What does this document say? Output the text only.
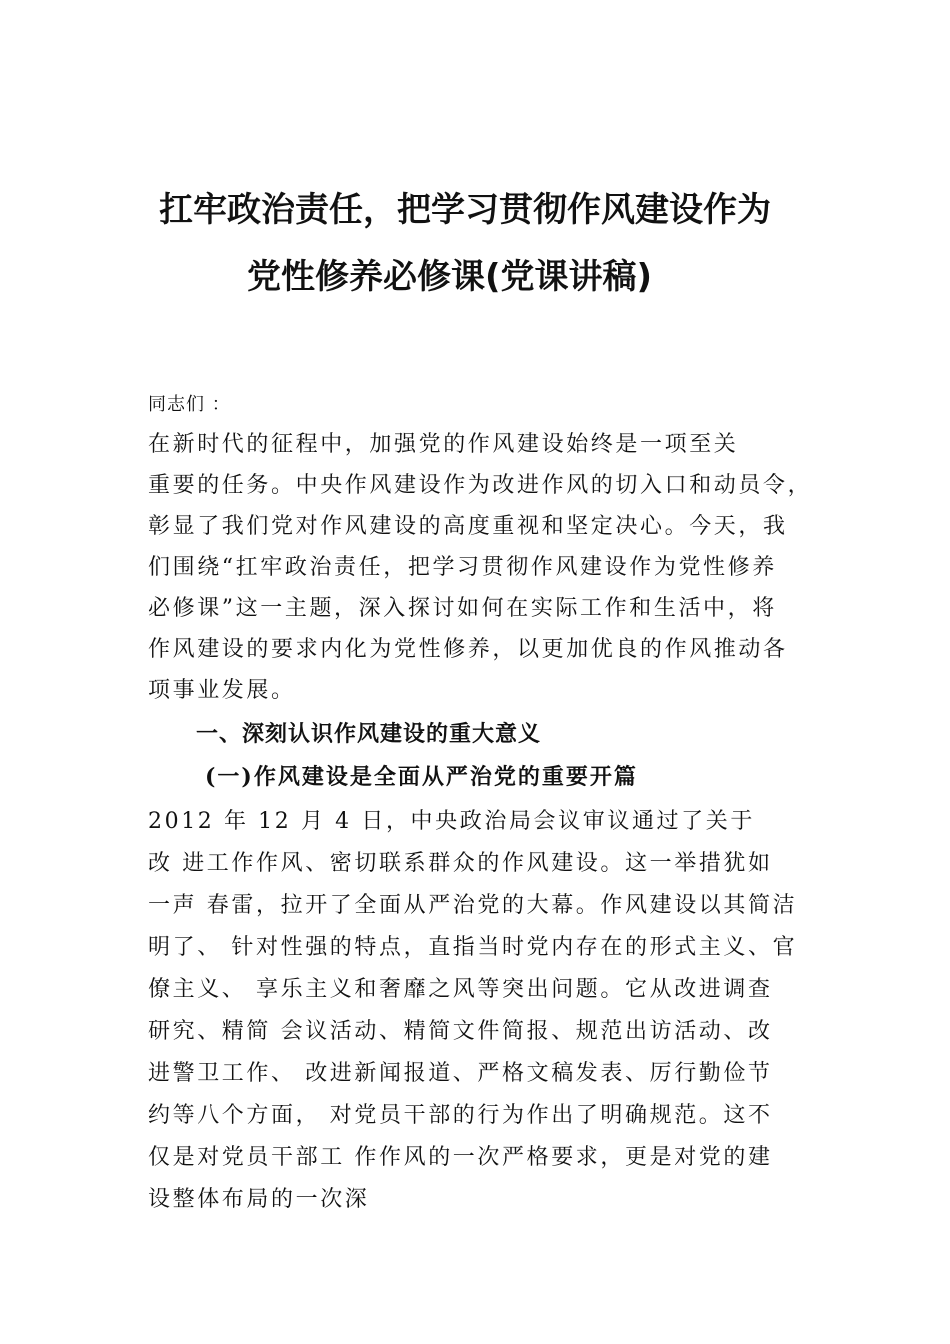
扛牢政治责任，把学习贯彻作风建设作为
党性修养必修课(党课讲稿)
同志们 ：

在新时代的征程中，加强党的作风建设始终是一项至关

重要的任务。中央作风建设作为改进作风的切入口和动员令，

彰显了我们党对作风建设的高度重视和坚定决心。今天，我

们围绕“扛牢政治责任，把学习贯彻作风建设作为党性修养

必修课”这一主题，深入探讨如何在实际工作和生活中，将

作风建设的要求内化为党性修养，以更加优良的作风推动各

项事业发展。

一、深刻认识作风建设的重大意义
(一)作风建设是全面从严治党的重要开篇

2012 年 12 月 4 日，中央政治局会议审议通过了关于

改 进工作作风、密切联系群众的作风建设。这一举措犹如

一声 春雷，拉开了全面从严治党的大幕。作风建设以其简洁

明了、 针对性强的特点，直指当时党内存在的形式主义、官

僚主义、 享乐主义和奢靡之风等突出问题。它从改进调查

研究、精简 会议活动、精简文件简报、规范出访活动、改

进警卫工作、 改进新闻报道、严格文稿发表、厉行勤俭节

约等八个方面， 对党员干部的行为作出了明确规范。这不

仅是对党员干部工 作作风的一次严格要求，更是对党的建

设整体布局的一次深
